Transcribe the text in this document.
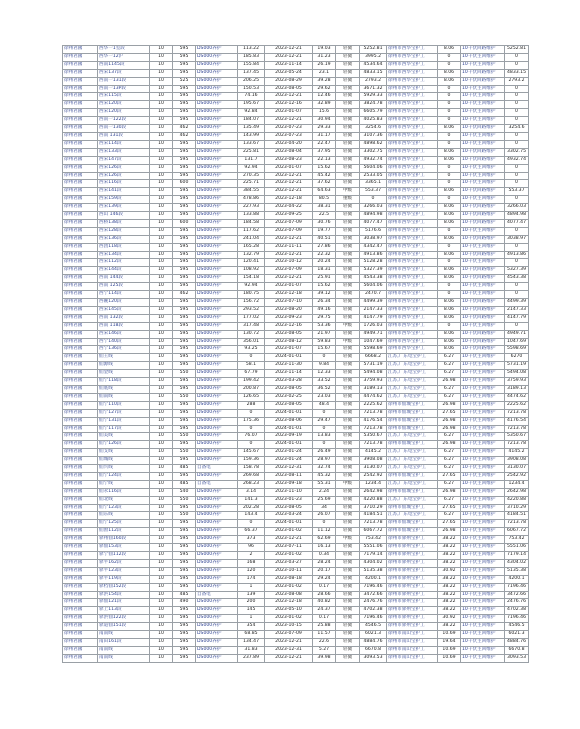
徐州君國	西华一1室段	10	595	DS000养护	113.22	2023-12-21	19.03	轻微	5252.81	徐州市西华宝护工	8.06	10千伏回路维护	5252.81
徐州君國	西华一12沪	10	595	DS000养护	185.83	2023-12-21	31.23	轻微	3995.2	徐州市西华宝护工	0	10千伏主回维护	0
徐州君國	西南1145段	10	595	DS000养护	155.84	2023-11-14	26.19	轻微	4534.64	徐州市西华宝护工	0	10千伏主回维护	0
徐州君國	西宋137段	10	595	DS000养护	137.45	2023-05-24	23.1	轻微	4833.15	徐州市西华宝护工	8.06	10千伏回路维护	4833.15
徐州君國	西南一131段	10	525	DS000养护	206.25	2023-08-29	39.28	轻微	2793.2	徐州市西华宝护工	8.06	10千伏回路维护	2793.2
徐州君國	西南一13P段	10	595	DS000养护	150.53	2023-08-05	29.62	轻微	3671.32	徐州市西华宝护工	0	10千伏主回维护	0
徐州君國	西宋115段	10	595	DS000养护	74.16	2023-12-21	12.46	轻微	5929.33	徐州市西华宝护工	0	10千伏主回维护	0
徐州君國	西宋120段	10	595	DS000养护	195.67	2023-12-16	32.89	轻微	3824.78	徐州市西华宝护工	0	10千伏主回维护	0
徐州君國	西宋120段	10	595	DS000养护	92.84	2023-01-07	15.6	轻微	6605.79	徐州市西华宝护工	0	10千伏主回维护	0
徐州君國	西南一122段	10	595	DS000养护	184.07	2023-12-21	30.94	轻微	4025.83	徐州市西华宝护工	0	10千伏主回维护	0
徐州君國	西南一130段	10	462	DS000养护	135.49	2023-07-23	29.33	轻微	3254.6	徐州市西华宝护工	8.06	10千伏回路维护	3254.6
徐州君國	西南 131段	10	462	DS000养护	143.99	2023-07-23	31.17	轻微	3107.36	徐州市西华宝护工	0	10千伏主回维护	0
徐州君國	西宋114段	10	595	DS000养护	133.67	2023-04-20	22.47	轻微	4898.62	徐州市西华宝护工	0	10千伏主回维护	0
徐州君國	西宋133段	10	595	DS000养护	225.81	2023-08-04	37.95	轻微	3302.75	徐州市西华宝护工	8.06	10千伏回路维护	3302.75
徐州君國	西宋147段	10	595	DS000养护	131.7	2023-08-23	22.13	轻微	4932.74	徐州市西华宝护工	8.06	10千伏回路维护	4932.74
徐州君國	西宋126段	10	595	DS000养护	92.94	2023-01-07	15.62	轻微	5604.06	徐州市西华宝护工	0	10千伏主回维护	0
徐州君國	西宋126段	10	595	DS000养护	270.35	2023-12-21	45.42	轻微	2533.05	徐州市西华宝护工	0	10千伏主回维护	0
徐州君國	西宋116段	10	600	DS000养护	225.71	2023-12-21	37.62	轻微	3365.1	徐州市西华宝护工	0	10千伏主回维护	0
徐州君國	西宋141段	10	595	DS000养护	384.55	2023-12-21	64.63	中级	553.37	徐州市西华宝护工	8.06	10千伏回路维护	553.37
徐州君國	西宋159段	10	595	DS000养护	478.86	2023-12-18	80.5	重级	0	徐州市西华宝护工	0	10千伏主回维护	0
徐州君國	西宋139段	10	595	DS000养护	227.93	2023-04-22	38.31	轻微	3266.03	徐州市西华宝护工	8.06	10千伏回路维护	3266.03
徐州君國	西山 146段	10	595	DS000养护	133.88	2023-09-25	22.5	轻微	4894.98	徐州市西华宝护工	8.06	10千伏回路维护	4894.98
徐州君國	西桥138段	10	600	DS000养护	184.58	2023-07-09	30.76	轻微	4077.47	徐州市西华宝护工	8.06	10千伏回路维护	4077.47
徐州君國	西宋128段	10	595	DS000养护	117.62	2023-07-09	19.77	轻微	5176.6	徐州市西华宝护工	0	10千伏主回维护	0
徐州君國	西宋136段	10	595	DS000养护	241.04	2023-12-21	40.51	轻微	3038.97	徐州市西华宝护工	8.06	10千伏回路维护	3038.97
徐州君國	西团118段	10	595	DS000养护	165.28	2023-11-11	27.86	轻微	4342.47	徐州市西华宝护工	0	10千伏主回维护	0
徐州君國	西宋134段	10	595	DS000养护	132.79	2023-12-21	22.32	轻微	4913.86	徐州市西华宝护工	8.06	10千伏回路维护	4913.86
徐州君國	西宋112段	10	595	DS000养护	120.41	2023-10-12	20.24	轻微	5128.28	徐州市西华宝护工	0	10千伏主回维护	0
徐州君國	西宋144段	10	595	DS000养护	108.92	2023-07-09	18.31	轻微	5327.39	徐州市西华宝护工	8.06	10千伏回路维护	5327.39
徐州君國	西南 144段	10	595	DS000养护	154.18	2023-12-21	25.91	轻微	4543.38	徐州市西华宝护工	8.06	10千伏回路维护	4543.38
徐州君國	西南 125段	10	595	DS000养护	92.94	2023-01-07	15.62	轻微	5604.06	徐州市西华宝护工	0	10千伏主回维护	0
徐州君國	西宁114段	10	462	DS000养护	180.75	2023-12-18	39.12	轻微	2470.7	徐州市西华宝护工	0	10千伏主回维护	0
徐州君國	西碗120段	10	595	DS000养护	156.72	2023-07-10	26.34	轻微	4499.39	徐州市西华宝护工	8.06	10千伏回路维护	4499.39
徐州君國	西宋145段	10	595	DS000养护	293.52	2023-08-20	49.16	轻微	2147.33	徐州市西华宝护工	8.06	10千伏回路维护	2147.33
徐州君國	西南 132段	10	595	DS000养护	177.02	2023-09-23	29.75	轻微	4147.79	徐州市西华宝护工	8.06	10千伏回路维护	4147.79
徐州君國	西南 118段	10	595	DS000养护	317.48	2023-12-16	53.36	中级	1726.03	徐州市西华宝护工	0	10千伏主回维护	0
徐州君國	西宋146段	10	595	DS000养护	130.72	2023-08-05	21.97	轻微	4949.71	徐州市西华宝护工	8.06	10千伏回路维护	4949.71
徐州君國	西宁140段	10	595	DS000养护	356.01	2023-08-12	59.83	中级	1047.69	徐州市西华宝护工	8.06	10千伏回路维护	1047.69
徐州君國	西宁136段	10	595	DS000养护	93.25	2023-01-07	15.67	轻微	5598.69	徐州市西华宝护工	8.06	10千伏回路维护	5598.69
徐州君國	仙王线	10	595	DS000养护	0	2024-01-01	0	轻微	6668.2	江苏,广东电宝护工	6.27	10千伏主回维护	6270
徐州君國	仙源线	10	595	DS000养护	58.1	2023-11-30	9.84	轻微	5731.19	江苏,广东电宝护工	6.27	10千伏主回维护	5731.19
徐州君國	仙金线	10	550	DS000养护	67.79	2023-11-14	12.33	轻微	5494.08	江苏,广东电宝护工	6.27	10千伏主回维护	5494.08
徐州君國	仙宁118段	10	595	DS000养护	199.42	2023-03-28	33.52	轻微	3759.93	江苏,广东电宝护工	26.98	10千伏主回维护	3759.93
徐州君國	仙底线	10	595	DS000养护	200.87	2023-08-05	36.52	轻微	3189.13	江苏,广东电宝护工	6.27	10千伏主回维护	3189.13
徐州君國	仙南线	10	550	DS000养护	126.65	2023-02-25	23.03	轻微	4474.62	江苏,广东电宝护工	6.27	10千伏主回维护	4474.62
徐州君國	仙宁110段	10	595	DS000养护	288	2023-08-05	48.4	轻微	2225.62	徐州市仙城宝护工	26.98	10千伏主回维护	2225.62
徐州君國	仙宁127段	10	595	DS000养护	0	2024-01-01	0	轻微	7213.78	徐州市仙城宝护工	27.65	10千伏主回维护	7213.78
徐州君國	仙宁131段	10	595	DS000养护	175.36	2023-08-06	29.47	轻微	4176.54	徐州市仙城宝护工	26.98	10千伏主回维护	4176.54
徐州君國	仙宁117段	10	595	DS000养护	0	2024-01-01	0	轻微	7213.78	徐州市仙城宝护工	26.98	10千伏主回维护	7213.78
徐州君國	仙美线	10	550	DS000养护	76.07	2023-09-19	13.83	轻微	5350.67	江苏,广东电宝护工	6.27	10千伏主回维护	5350.67
徐州君國	仙宁126段	10	595	DS000养护	0	2024-01-01	0	轻微	7213.78	徐州市仙城宝护工	26.98	10千伏主回维护	7213.78
徐州君國	仙支线	10	550	DS000养护	145.67	2023-01-24	26.49	轻微	4145.2	江苏,广东电宝护工	6.27	10千伏主回维护	4145.2
徐州君國	仙城线	10	595	DS000养护	159.36	2023-01-24	28.97	轻微	3908.08	江苏,广东电宝护工	6.27	10千伏主回维护	3908.08
徐州君國	仙兴线	10	485	自备电	158.78	2023-12-31	32.74	轻微	3130.07	江苏,广东电宝护工	6.27	10千伏主回维护	3130.07
徐州君國	仙宁124段	10	595	DS000养护	269.68	2023-08-11	45.32	轻微	2542.92	徐州市仙城宝护工	27.65	10千伏主回维护	2542.92
徐州君國	仙宁线	10	485	自备电	268.23	2023-09-18	55.31	中级	1234.4	江苏,广东电宝护工	6.27	10千伏主回维护	1234.4
徐州君國	仙永116段	10	540	DS000养护	3.14	2023-11-10	2.24	轻微	2642.98	徐州市仙城宝护工	26.98	10千伏主回维护	2642.98
徐州君國	仙北线	10	550	DS000养护	141.3	2023-01-23	25.69	轻微	4220.88	江苏,广东电宝护工	6.27	10千伏主回维护	4220.88
徐州君國	仙宁123段	10	595	DS000养护	202.28	2023-08-05	34	轻微	3710.29	徐州市仙城宝护工	27.65	10千伏主回维护	3710.29
徐州君國	仙东线	10	550	DS000养护	143.4	2023-03-24	26.07	轻微	4184.51	江苏,广东电宝护工	6.27	10千伏主回维护	4184.51
徐州君國	仙宁125段	10	595	DS000养护	0	2024-01-01	0	轻微	7213.78	徐州市仙城宝护工	27.65	10千伏主回维护	7213.78
徐州君國	仙窗112段	10	595	DS000养护	66.37	2023-01-02	11.12	轻微	6067.72	徐州市仙城宝护工	26.98	10千伏主回维护	6067.72
徐州君國	驿州仙160段	10	595	DS000养护	373	2023-12-21	62.69	中级	753.42	徐州市驿州宝护工	38.22	10千伏主回维护	753.42
徐州君國	驿仙153段	10	595	DS000养护	96	2023-07-11	16.13	轻微	5551.06	徐州市驿州宝护工	38.22	10千伏主回维护	5551.06
徐州君國	驿宁仙112段	10	595	DS000养护	2	2023-01-02	0.34	轻微	7179.14	徐州市驿州宝护工	38.22	10千伏主回维护	7179.14
徐州君國	驿平162段	10	595	DS000养护	168	2023-03-27	28.24	轻微	4304.02	徐州市驿州宝护工	38.22	10千伏主回维护	4304.02
徐州君國	驿平123段	10	595	DS000养护	120	2023-10-11	20.17	轻微	5135.38	徐州市驿州宝护工	30.92	10千伏主回维护	5135.38
徐州君國	驿平119段	10	595	DS000养护	174	2023-08-18	29.24	轻微	4200.1	徐州市驿州宝护工	38.22	10千伏主回维护	4200.1
徐州君國	驿档仙152段	10	595	DS000养护	1	2023-01-02	0.17	轻微	7196.46	徐州市驿州宝护工	38.22	10千伏主回维护	7196.46
徐州君國	驿洪154段	10	485	自备电	139	2023-08-08	28.66	轻微	3472.66	徐州市驿州宝护工	38.22	10千伏主回维护	3472.66
徐州君國	驿仙121段	10	490	DS000养护	200	2023-12-18	40.82	轻微	2476.76	徐州市驿州宝护工	38.22	10千伏主回维护	2476.76
徐州君國	驿上113段	10	595	DS000养护	145	2023-05-10	24.37	轻微	4702.38	徐州市驿州宝护工	38.22	10千伏主回维护	4702.38
徐州君國	驿洪仙122段	10	595	DS000养护	1	2023-01-02	0.17	轻微	7196.46	徐州市驿州宝护工	30.92	10千伏主回维护	7196.46
徐州君國	驿道仙151段	10	595	DS000养护	354	2023-10-15	25.88	轻微	4546.5	徐州市驿州宝护工	38.22	10千伏主回维护	4546.5
徐州君國	南南线	10	595	DS000养护	68.85	2023-07-09	11.57	轻微	6021.3	徐州市南山宝护工	10.69	10千伏主回维护	6021.3
徐州君國	南田161段	10	595	DS000养护	134.47	2023-12-21	22.6	轻微	4884.76	徐州市南山宝护工	19.64	10千伏主回维护	4884.76
徐州君國	南南线	10	595	DS000养护	31.83	2023-12-31	5.27	轻微	6670.8	徐州市南山宝护工	10.69	10千伏主回维护	6670.8
徐州君國	南南线	10	595	DS000养护	237.89	2023-12-21	39.98	轻微	3093.53	徐州市南山宝护工	10.69	10千伏主回维护	3093.53
